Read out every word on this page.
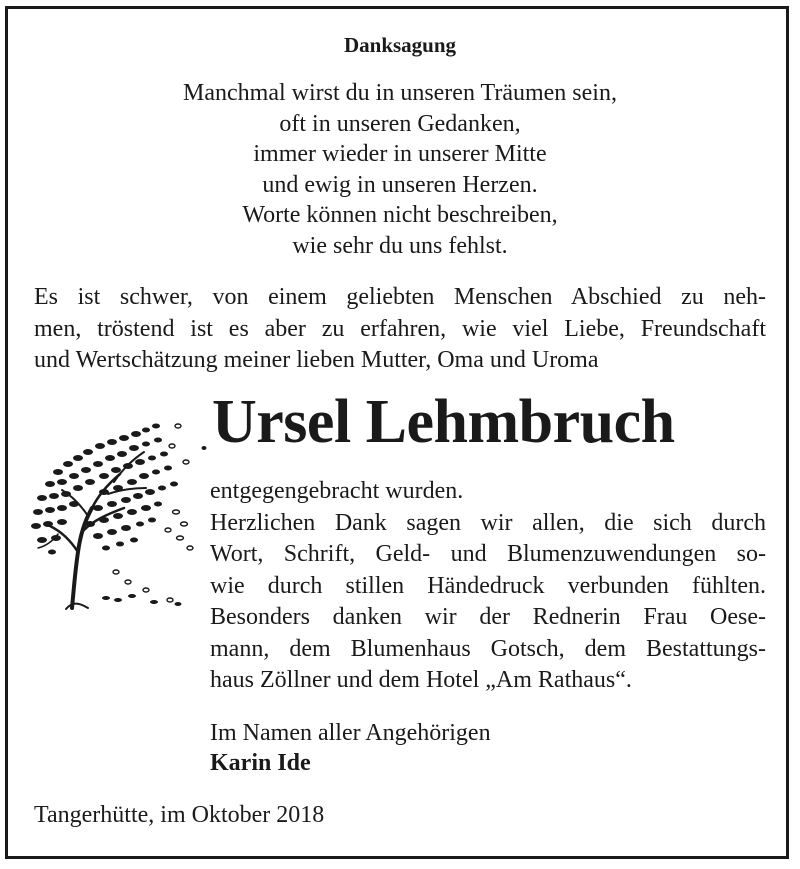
Danksagung
Manchmal wirst du in unseren Träumen sein,
oft in unseren Gedanken,
immer wieder in unserer Mitte
und ewig in unseren Herzen.
Worte können nicht beschreiben,
wie sehr du uns fehlst.
Es ist schwer, von einem geliebten Menschen Abschied zu neh-
men, tröstend ist es aber zu erfahren, wie viel Liebe, Freundschaft
und Wertschätzung meiner lieben Mutter, Oma und Uroma
Ursel Lehmbruch
entgegengebracht wurden.
Herzlichen Dank sagen wir allen, die sich durch
Wort, Schrift, Geld- und Blumenzuwendungen so-
wie durch stillen Händedruck verbunden fühlten.
Besonders danken wir der Rednerin Frau Oese-
mann, dem Blumenhaus Gotsch, dem Bestattungs-
haus Zöllner und dem Hotel „Am Rathaus“.
Im Namen aller Angehörigen
Karin Ide
Tangerhütte, im Oktober 2018
